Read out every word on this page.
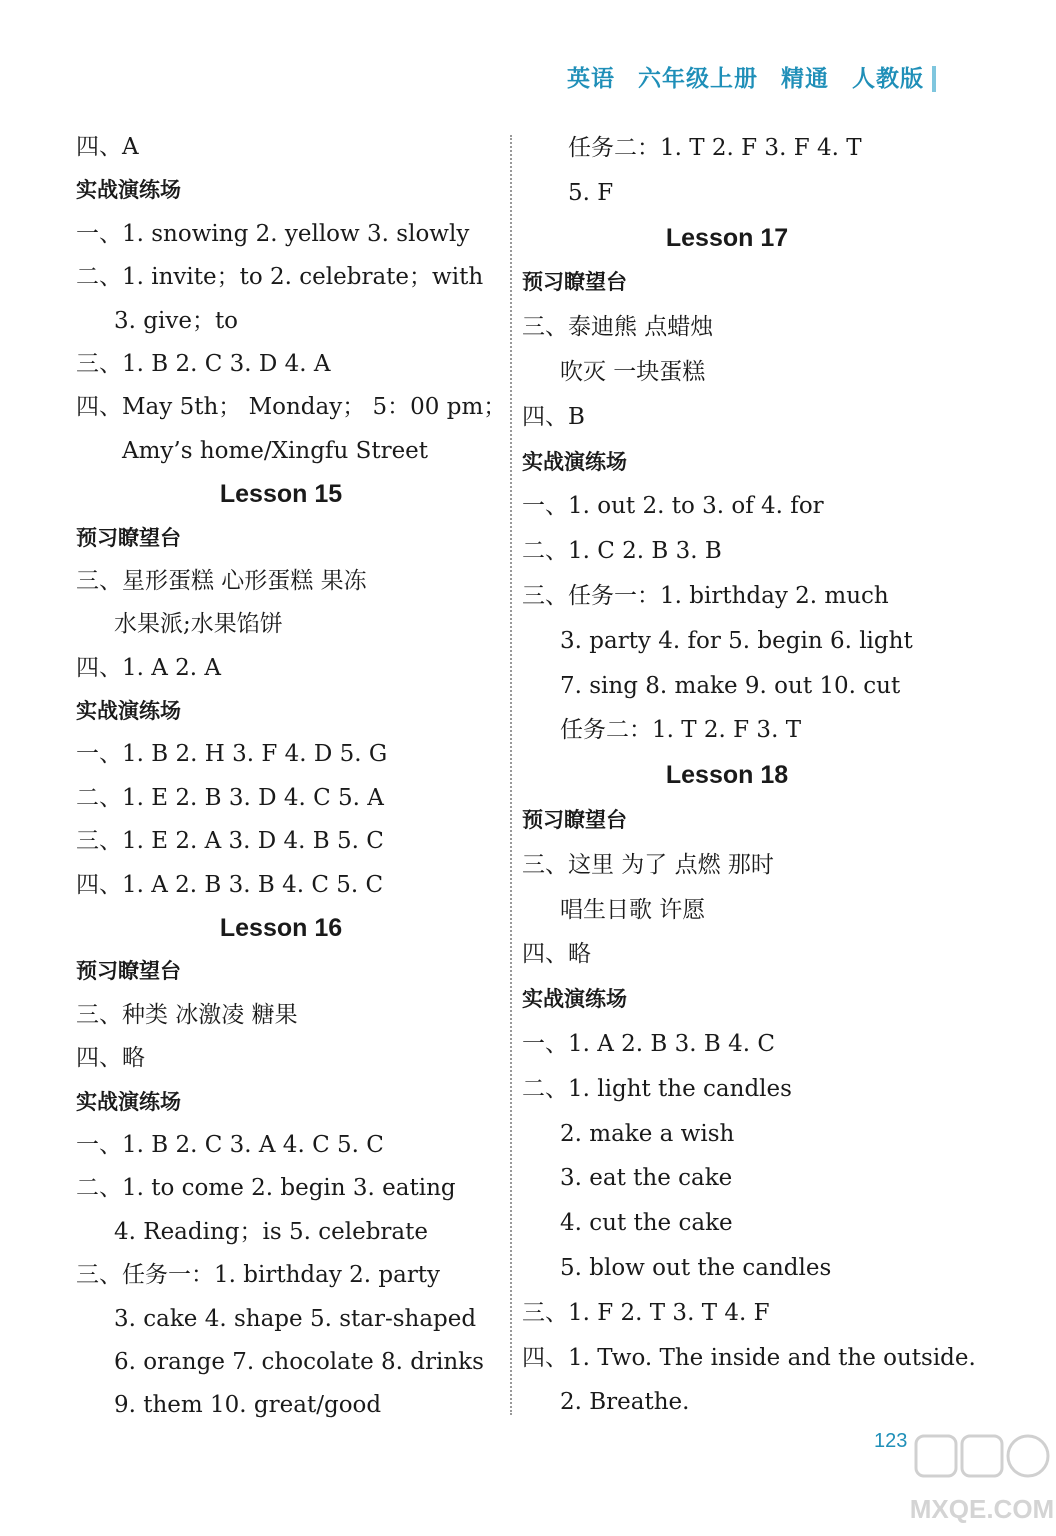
英语 六年级上册 精通 人教版
四、A
实战演练场
一、1. snowing 2. yellow 3. slowly
二、1. invite；to 2. celebrate；with
3. give；to
三、1. B 2. C 3. D 4. A
四、May 5th； Monday； 5：00 pm；
Amy’s home/Xingfu Street
Lesson 15
预习瞭望台
三、星形蛋糕 心形蛋糕 果冻
水果派;水果馅饼
四、1. A 2. A
实战演练场
一、1. B 2. H 3. F 4. D 5. G
二、1. E 2. B 3. D 4. C 5. A
三、1. E 2. A 3. D 4. B 5. C
四、1. A 2. B 3. B 4. C 5. C
Lesson 16
预习瞭望台
三、种类 冰激凌 糖果
四、略
实战演练场
一、1. B 2. C 3. A 4. C 5. C
二、1. to come 2. begin 3. eating
4. Reading；is 5. celebrate
三、任务一：1. birthday 2. party
3. cake 4. shape 5. star-shaped
6. orange 7. chocolate 8. drinks
9. them 10. great/good
任务二：1. T 2. F 3. F 4. T
5. F
Lesson 17
预习瞭望台
三、泰迪熊 点蜡烛
吹灭 一块蛋糕
四、B
实战演练场
一、1. out 2. to 3. of 4. for
二、1. C 2. B 3. B
三、任务一：1. birthday 2. much
3. party 4. for 5. begin 6. light
7. sing 8. make 9. out 10. cut
任务二：1. T 2. F 3. T
Lesson 18
预习瞭望台
三、这里 为了 点燃 那时
唱生日歌 许愿
四、略
实战演练场
一、1. A 2. B 3. B 4. C
二、1. light the candles
2. make a wish
3. eat the cake
4. cut the cake
5. blow out the candles
三、1. F 2. T 3. T 4. F
四、1. Two. The inside and the outside.
2. Breathe.
123
MXQE.COM
